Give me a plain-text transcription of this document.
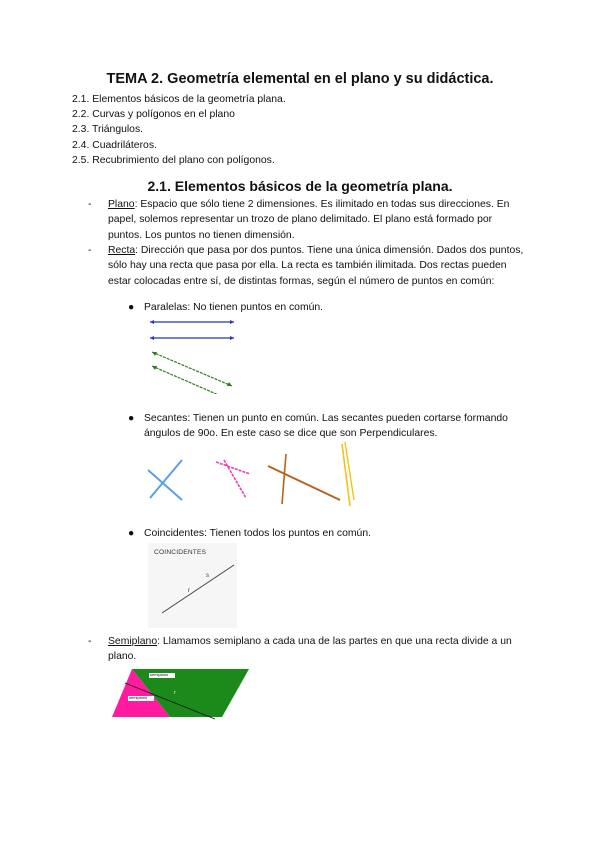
TEMA 2. Geometría elemental en el plano y su didáctica.
2.1. Elementos básicos de la geometría plana.
2.2. Curvas y polígonos en el plano
2.3. Triángulos.
2.4. Cuadriláteros.
2.5. Recubrimiento del plano con polígonos.
2.1. Elementos básicos de la geometría plana.
- Plano: Espacio que sólo tiene 2 dimensiones. Es ilimitado en todas sus direcciones. En papel, solemos representar un trozo de plano delimitado. El plano está formado por puntos. Los puntos no tienen dimensión.
- Recta: Dirección que pasa por dos puntos. Tiene una única dimensión. Dados dos puntos, sólo hay una recta que pasa por ella. La recta es también ilimitada. Dos rectas pueden estar colocadas entre sí, de distintas formas, según el número de puntos en común:
● Paralelas: No tienen puntos en común.
● Secantes: Tienen un punto en común. Las secantes pueden cortarse formando ángulos de 90o. En este caso se dice que son Perpendiculares.
● Coincidentes: Tienen todos los puntos en común.
COINCIDENTES
s
r
- Semiplano: Llamamos semiplano a cada una de las partes en que una recta divide a un plano.
semiplano
semiplano
r
